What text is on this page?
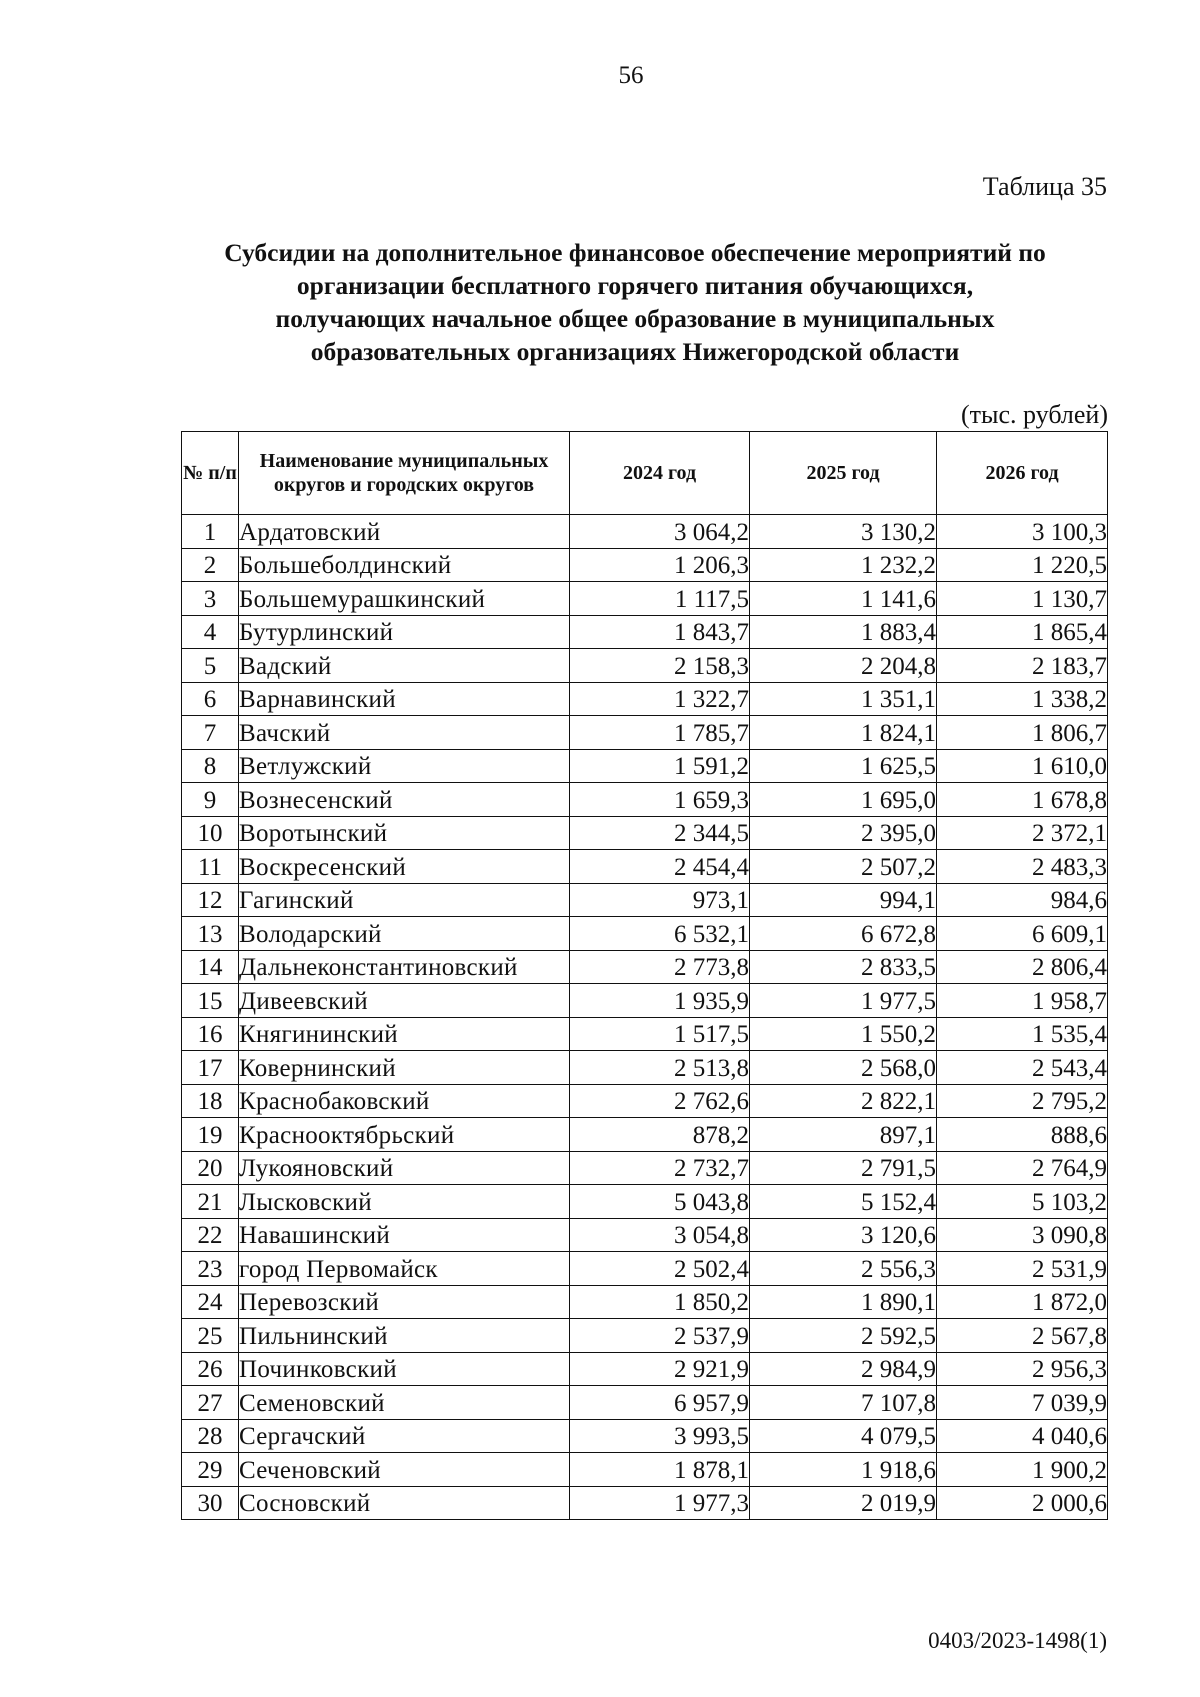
56
Таблица 35
Субсидии на дополнительное финансовое обеспечение мероприятий по
организации бесплатного горячего питания обучающихся,
получающих начальное общее образование в муниципальных
образовательных организациях Нижегородской области
(тыс. рублей)
№ п/п	Наименование муниципальных округов и городских округов	2024 год	2025 год	2026 год
1	Ардатовский	3 064,2	3 130,2	3 100,3
2	Большеболдинский	1 206,3	1 232,2	1 220,5
3	Большемурашкинский	1 117,5	1 141,6	1 130,7
4	Бутурлинский	1 843,7	1 883,4	1 865,4
5	Вадский	2 158,3	2 204,8	2 183,7
6	Варнавинский	1 322,7	1 351,1	1 338,2
7	Вачский	1 785,7	1 824,1	1 806,7
8	Ветлужский	1 591,2	1 625,5	1 610,0
9	Вознесенский	1 659,3	1 695,0	1 678,8
10	Воротынский	2 344,5	2 395,0	2 372,1
11	Воскресенский	2 454,4	2 507,2	2 483,3
12	Гагинский	973,1	994,1	984,6
13	Володарский	6 532,1	6 672,8	6 609,1
14	Дальнеконстантиновский	2 773,8	2 833,5	2 806,4
15	Дивеевский	1 935,9	1 977,5	1 958,7
16	Княгининский	1 517,5	1 550,2	1 535,4
17	Ковернинский	2 513,8	2 568,0	2 543,4
18	Краснобаковский	2 762,6	2 822,1	2 795,2
19	Краснооктябрьский	878,2	897,1	888,6
20	Лукояновский	2 732,7	2 791,5	2 764,9
21	Лысковский	5 043,8	5 152,4	5 103,2
22	Навашинский	3 054,8	3 120,6	3 090,8
23	город Первомайск	2 502,4	2 556,3	2 531,9
24	Перевозский	1 850,2	1 890,1	1 872,0
25	Пильнинский	2 537,9	2 592,5	2 567,8
26	Починковский	2 921,9	2 984,9	2 956,3
27	Семеновский	6 957,9	7 107,8	7 039,9
28	Сергачский	3 993,5	4 079,5	4 040,6
29	Сеченовский	1 878,1	1 918,6	1 900,2
30	Сосновский	1 977,3	2 019,9	2 000,6
0403/2023-1498(1)
